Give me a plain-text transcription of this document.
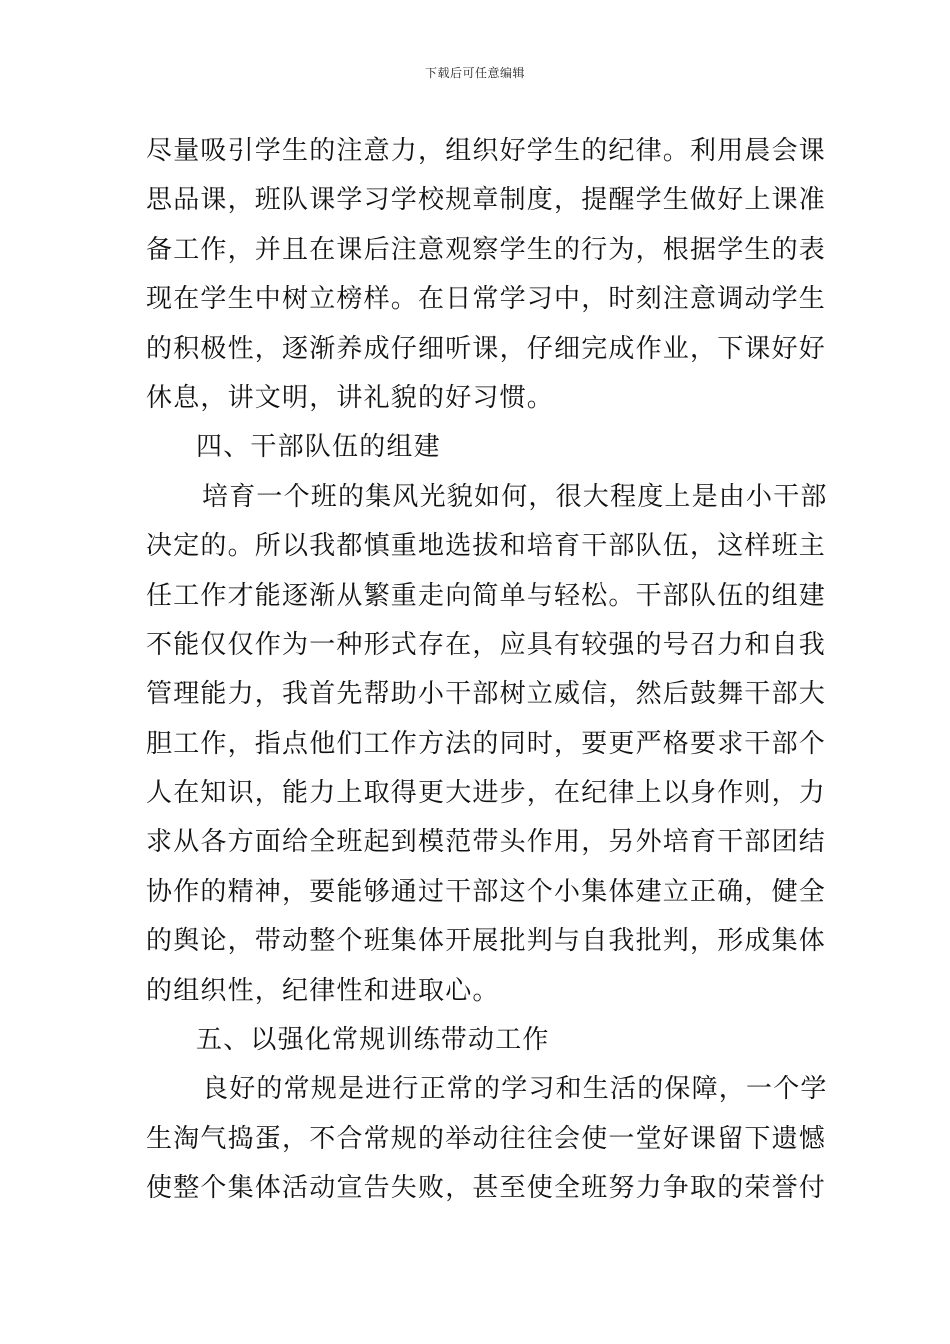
下载后可任意编辑
尽量吸引学生的注意力，组织好学生的纪律。利用晨会课
思品课，班队课学习学校规章制度，提醒学生做好上课准
备工作，并且在课后注意观察学生的行为，根据学生的表
现在学生中树立榜样。在日常学习中，时刻注意调动学生
的积极性，逐渐养成仔细听课，仔细完成作业，下课好好
休息，讲文明，讲礼貌的好习惯。
四、干部队伍的组建
培育一个班的集风光貌如何，很大程度上是由小干部
决定的。所以我都慎重地选拔和培育干部队伍，这样班主
任工作才能逐渐从繁重走向简单与轻松。干部队伍的组建
不能仅仅作为一种形式存在，应具有较强的号召力和自我
管理能力，我首先帮助小干部树立威信，然后鼓舞干部大
胆工作，指点他们工作方法的同时，要更严格要求干部个
人在知识，能力上取得更大进步，在纪律上以身作则，力
求从各方面给全班起到模范带头作用，另外培育干部团结
协作的精神，要能够通过干部这个小集体建立正确，健全
的舆论，带动整个班集体开展批判与自我批判，形成集体
的组织性，纪律性和进取心。
五、以强化常规训练带动工作
良好的常规是进行正常的学习和生活的保障，一个学
生淘气捣蛋，不合常规的举动往往会使一堂好课留下遗憾
使整个集体活动宣告失败，甚至使全班努力争取的荣誉付
